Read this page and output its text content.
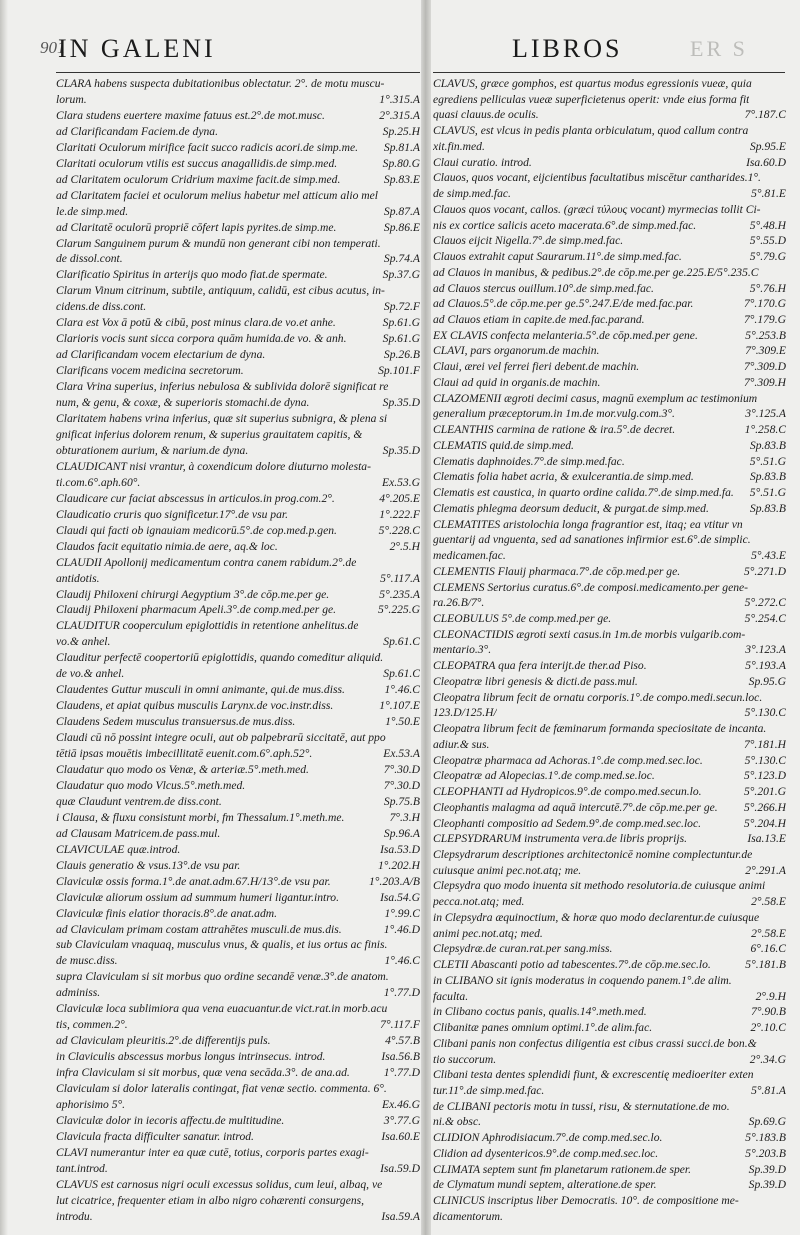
901
IN GALENI	LIBROS	ER S
CLARA habens suspecta dubitationibus oblectatur. 2°. de motu muscu-
lorum.	1°.315.A
Clara studens euertere maxime fatuus est.2°.de mot.musc.	2°.315.A
ad Clarificandam Faciem.de dyna.	Sp.25.H
Claritati Oculorum mirifice facit succo radicis acori.de simp.me.	Sp.81.A
Claritati oculorum vtilis est succus anagallidis.de simp.med.	Sp.80.G
ad Claritatem oculorum Cridrium maxime facit.de simp.med.	Sp.83.E
ad Claritatem faciei et oculorum melius habetur mel atticum alio mel
le.de simp.med.	Sp.87.A
ad Claritatē oculorū propriē cōfert lapis pyrites.de simp.me.	Sp.86.E
Clarum Sanguinem purum & mundū non generant cibi non temperati.
de dissol.cont.	Sp.74.A
Clarificatio Spiritus in arterijs quo modo fiat.de spermate.	Sp.37.G
Clarum Vinum citrinum, subtile, antiquum, calidū, est cibus acutus, in-
cidens.de diss.cont.	Sp.72.F
Clara est Vox ā potū & cibū, post minus clara.de vo.et anhe.	Sp.61.G
Clarioris vocis sunt sicca corpora quām humida.de vo. & anh.	Sp.61.G
ad Clarificandam vocem electarium de dyna.	Sp.26.B
Clarificans vocem medicina secretorum.	Sp.101.F
Clara Vrina superius, inferius nebulosa & sublivida dolorē significat re
num, & genu, & coxæ, & superioris stomachi.de dyna.	Sp.35.D
Claritatem habens vrina inferius, quæ sit superius subnigra, & plena si
gnificat inferius dolorem renum, & superius grauitatem capitis, &
obturationem aurium, & narium.de dyna.	Sp.35.D
CLAUDICANT nisi vrantur, à coxendicum dolore diuturno molesta-
ti.com.6°.aph.60°.	Ex.53.G
Claudicare cur faciat abscessus in articulos.in prog.com.2°.	4°.205.E
Claudicatio cruris quo significetur.17°.de vsu par.	1°.222.F
Claudi qui facti ob ignauiam medicorū.5°.de cop.med.p.gen.	5°.228.C
Claudos facit equitatio nimia.de aere, aq.& loc.	2°.5.H
CLAUDII Apollonij medicamentum contra canem rabidum.2°.de
antidotis.	5°.117.A
Claudij Philoxeni chirurgi Aegyptium 3°.de cōp.me.per ge.	5°.235.A
Claudij Philoxeni pharmacum Apeli.3°.de comp.med.per ge.	5°.225.G
CLAUDITUR cooperculum epiglottidis in retentione anhelitus.de
vo.& anhel.	Sp.61.C
Clauditur perfectē coopertoriū epiglottidis, quando comeditur aliquid.
de vo.& anhel.	Sp.61.C
Claudentes Guttur musculi in omni animante, qui.de mus.diss.	1°.46.C
Claudens, et apiat quibus musculis Larynx.de voc.instr.diss.	1°.107.E
Claudens Sedem musculus transuersus.de mus.diss.	1°.50.E
Claudi cū nō possint integre oculi, aut ob palpebrarū siccitatē, aut ppo
tētiā ipsas mouētis imbecillitatē euenit.com.6°.aph.52°.	Ex.53.A
Claudatur quo modo os Venæ, & arteriæ.5°.meth.med.	7°.30.D
Claudatur quo modo Vlcus.5°.meth.med.	7°.30.D
quæ Claudunt ventrem.de diss.cont.	Sp.75.B
i Clausa, & fluxu consistunt morbi, fm Thessalum.1°.meth.me.	7°.3.H
ad Clausam Matricem.de pass.mul.	Sp.96.A
CLAVICULAE quæ.introd.	Isa.53.D
Clauis generatio & vsus.13°.de vsu par.	1°.202.H
Claviculæ ossis forma.1°.de anat.adm.67.H/13°.de vsu par.	1°.203.A/B
Claviculæ aliorum ossium ad summum humeri ligantur.intro.	Isa.54.G
Claviculæ finis elatior thoracis.8°.de anat.adm.	1°.99.C
ad Claviculam primam costam attrahētes musculi.de mus.dis.	1°.46.D
sub Claviculam vnaquaq, musculus vnus, & qualis, et ius ortus ac finis.
de musc.diss.	1°.46.C
supra Claviculam si sit morbus quo ordine secandē venæ.3°.de anatom.
adminiss.	1°.77.D
Claviculæ loca sublimiora qua vena euacuantur.de vict.rat.in morb.acu
tis, commen.2°.	7°.117.F
ad Claviculam pleuritis.2°.de differentijs puls.	4°.57.B
in Claviculis abscessus morbus longus intrinsecus. introd.	Isa.56.B
infra Claviculam si sit morbus, quæ vena secāda.3°. de ana.ad.	1°.77.D
Claviculam si dolor lateralis contingat, fiat venæ sectio. commenta. 6°.
aphorisimo 5°.	Ex.46.G
Claviculæ dolor in iecoris affectu.de multitudine.	3°.77.G
Clavicula fracta difficulter sanatur. introd.	Isa.60.E
CLAVI numerantur inter ea quæ cutē, totius, corporis partes exagi-
tant.introd.	Isa.59.D
CLAVUS est carnosus nigri oculi excessus solidus, cum leui, albaq, ve
lut cicatrice, frequenter etiam in albo nigro cohærenti consurgens,
introdu.	Isa.59.A
CLAVUS, græce gomphos, est quartus modus egressionis vueæ, quia
egrediens pelliculas vueæ superficietenus operit: vnde eius forma fit
quasi clauus.de oculis.	7°.187.C
CLAVUS, est vlcus in pedis planta orbiculatum, quod callum contra
xit.fin.med.	Sp.95.E
Claui curatio. introd.	Isa.60.D
Clauos, quos vocant, eijcientibus facultatibus miscētur cantharides.1°.
de simp.med.fac.	5°.81.E
Clauos quos vocant, callos. (græci τύλους vocant) myrmecias tollit Ci-
nis ex cortice salicis aceto macerata.6°.de simp.med.fac.	5°.48.H
Clauos eijcit Nigella.7°.de simp.med.fac.	5°.55.D
Clauos extrahit caput Saurarum.11°.de simp.med.fac.	5°.79.G
ad Clauos in manibus, & pedibus.2°.de cōp.me.per ge.225.E/5°.235.C
ad Clauos stercus ouillum.10°.de simp.med.fac.	5°.76.H
ad Clauos.5°.de cōp.me.per ge.5°.247.E/de med.fac.par.	7°.170.G
ad Clauos etiam in capite.de med.fac.parand.	7°.179.G
EX CLAVIS confecta melanteria.5°.de cōp.med.per gene.	5°.253.B
CLAVI, pars organorum.de machin.	7°.309.E
Claui, ærei vel ferrei fieri debent.de machin.	7°.309.D
Claui ad quid in organis.de machin.	7°.309.H
CLAZOMENII ægroti decimi casus, magnū exemplum ac testimonium
generalium præceptorum.in 1m.de mor.vulg.com.3°.	3°.125.A
CLEANTHIS carmina de ratione & ira.5°.de decret.	1°.258.C
CLEMATIS quid.de simp.med.	Sp.83.B
Clematis daphnoides.7°.de simp.med.fac.	5°.51.G
Clematis folia habet acria, & exulcerantia.de simp.med.	Sp.83.B
Clematis est caustica, in quarto ordine calida.7°.de simp.med.fa.	5°.51.G
Clematis phlegma deorsum deducit, & purgat.de simp.med.	Sp.83.B
CLEMATITES aristolochia longa fragrantior est, itaq; ea vtitur vn
guentarij ad vnguenta, sed ad sanationes infirmior est.6°.de simplic.
medicamen.fac.	5°.43.E
CLEMENTIS Flauij pharmaca.7°.de cōp.med.per ge.	5°.271.D
CLEMENS Sertorius curatus.6°.de composi.medicamento.per gene-
ra.26.B/7°.	5°.272.C
CLEOBULUS 5°.de comp.med.per ge.	5°.254.C
CLEONACTIDIS ægroti sexti casus.in 1m.de morbis vulgarib.com-
mentario.3°.	3°.123.A
CLEOPATRA qua fera interijt.de ther.ad Piso.	5°.193.A
Cleopatræ libri genesis & dicti.de pass.mul.	Sp.95.G
Cleopatra librum fecit de ornatu corporis.1°.de compo.medi.secun.loc.
123.D/125.H/	5°.130.C
Cleopatra librum fecit de fæminarum formanda speciositate de incanta.
adiur.& sus.	7°.181.H
Cleopatræ pharmaca ad Achoras.1°.de comp.med.sec.loc.	5°.130.C
Cleopatræ ad Alopecias.1°.de comp.med.se.loc.	5°.123.D
CLEOPHANTI ad Hydropicos.9°.de compo.med.secun.lo.	5°.201.G
Cleophantis malagma ad aquā intercutē.7°.de cōp.me.per ge.	5°.266.H
Cleophanti compositio ad Sedem.9°.de comp.med.sec.loc.	5°.204.H
CLEPSYDRARUM instrumenta vera.de libris proprijs.	Isa.13.E
Clepsydrarum descriptiones architectonicē nomine complectuntur.de
cuiusque animi pec.not.atq; me.	2°.291.A
Clepsydra quo modo inuenta sit methodo resolutoria.de cuiusque animi
pecca.not.atq; med.	2°.58.E
in Clepsydra æquinoctium, & horæ quo modo declarentur.de cuiusque
animi pec.not.atq; med.	2°.58.E
Clepsydræ.de curan.rat.per sang.miss.	6°.16.C
CLETII Abascanti potio ad tabescentes.7°.de cōp.me.sec.lo.	5°.181.B
in CLIBANO sit ignis moderatus in coquendo panem.1°.de alim.
faculta.	2°.9.H
in Clibano coctus panis, qualis.14°.meth.med.	7°.90.B
Clibanitæ panes omnium optimi.1°.de alim.fac.	2°.10.C
Clibani panis non confectus diligentia est cibus crassi succi.de bon.&
tio succorum.	2°.34.G
Clibani testa dentes splendidi fiunt, & excrescentię medioeriter exten
tur.11°.de simp.med.fac.	5°.81.A
de CLIBANI pectoris motu in tussi, risu, & sternutatione.de mo.
ni.& obsc.	Sp.69.G
CLIDION Aphrodisiacum.7°.de comp.med.sec.lo.	5°.183.B
Clidion ad dysentericos.9°.de comp.med.sec.loc.	5°.203.B
CLIMATA septem sunt fm planetarum rationem.de sper.	Sp.39.D
de Clymatum mundi septem, alteratione.de sper.	Sp.39.D
CLINICUS inscriptus liber Democratis. 10°. de compositione me-
dicamentorum.
